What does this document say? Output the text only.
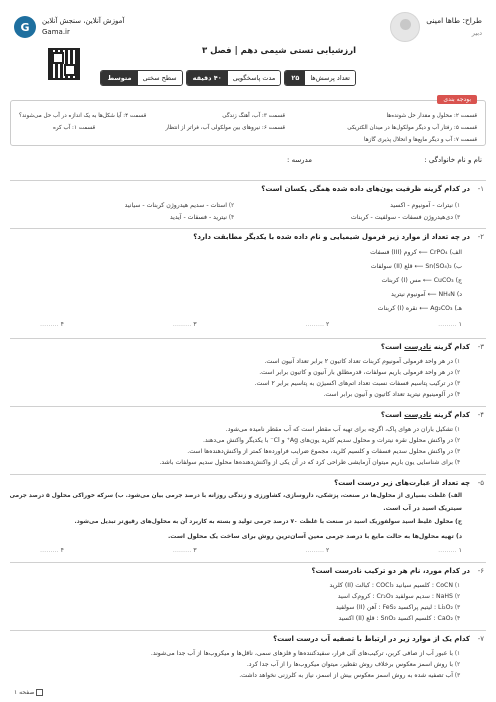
طراح: طاها امینی
دبیر
G	آموزش آنلاین، سنجش آنلاین
Gama.ir
ارزشیابی تستی شیمی دهم | فصل ۳
تعداد پرسش‌ها
۲۵
مدت پاسخگویی
۴۰ دقیقه
سطح سختی
متوسط
بودجه بندی
قسمت ۲: محلول و مقدار حل شونده‌ها
قسمت ۳: آب، آهنگ زندگی
قسمت ۴: آیا شکل‌ها به یک اندازه در آب حل می‌شوند؟
قسمت ۵: رفتار آب و دیگر مولکول‌ها در میدان الکتریکی
قسمت ۶: نیروهای بین مولکولی آب، فراتر از انتظار
قسمت ۱: آب کره
قسمت ۷: آب و دیگر مایع‌ها و انحلال پذیری گازها
نام و نام خانوادگی :
مدرسه :
۱-
در کدام گزینه ظرفیت یون‌های داده شده همگی یکسان است؟
۱)نیترات - آمونیوم - اکسید
۲)استات - سدیم هیدروژن کربنات - سیانید
۳)دی‌هیدروژن فسفات - سولفیت - کربنات
۴)نیترید - فسفات - آیدید
۲-
در چه تعداد از موارد زیر فرمول شیمیایی و نام داده شده با یکدیگر مطابقت دارد؟
الف) CrPO₄ ⟵ کروم (III) فسفات
ب) Sn(SO₄)₂ ⟵ قلع (II) سولفات
ج) CuCO₃ ⟵ مس (I) کربنات
د) NH₄N ⟵ آمونیوم نیترید
هـ) Ag₂CO₃ ⟵ نقره (I) کربنات
۱ ………
۲ ………
۳ ………
۴ ………
۳-
کدام گزینه نادرست است؟
۱)در هر واحد فرمولی آمونیوم کربنات تعداد کاتیون ۲ برابر تعداد آنیون است.
۲)در هر واحد فرمولی باریم سولفات، قدرمطلق بار آنیون و کاتیون برابر است.
۳)در ترکیب پتاسیم فسفات نسبت تعداد اتم‌های اکسیژن به پتاسیم برابر ۲ است.
۴)در آلومینیوم نیترید تعداد کاتیون و آنیون برابر است.
۴-
کدام گزینه نادرست است؟
۱)تشکیل باران در هوای پاک، اگرچه برای تهیه آب مقطر است که آب مقطر نامیده می‌شود.
۲)در واکنش محلول نقره نیترات و محلول سدیم کلرید یون‌های Ag⁺ و Cl⁻ با یکدیگر واکنش می‌دهند.
۳)در واکنش محلول سدیم فسفات و کلسیم کلرید، مجموع ضرایب فراورده‌ها کمتر از واکنش‌دهنده‌ها است.
۴)برای شناسایی یون باریم میتوان آزمایشی طراحی کرد که در آن یکی از واکنش‌دهنده‌ها محلول سدیم سولفات باشد.
۵-
چه تعداد از عبارت‌های زیر درست است؟
الف) غلظت بسیاری از محلول‌ها در صنعت، پزشکی، داروسازی، کشاورزی و زندگی روزانه با درصد جرمی بیان می‌شود. ب) سرکه خوراکی محلول ۵ درصد جرمی
سیتریک اسید در آب است.
ج) محلول غلیظ اسید سولفوریک اسید در صنعت با غلظت ۷۰ درصد جرمی تولید و بسته به کاربرد آن به محلول‌های رقیق‌تر تبدیل می‌شود.
د) تهیه محلول‌ها به حالت مایع با درصد جرمی معین آسان‌ترین روش برای ساخت یک محلول است.
۱ ………
۲ ………
۳ ………
۴ ………
۶-
در کدام مورد، نام هر دو ترکیب نادرست است؟
۱)CoCN : کلسیم سیانید COCl₂ : کبالت (II) کلرید
۲)NaHS : سدیم سولفید Cr₂O₃ : کروم‌ک اسید
۳)Li₂O₂ : لیتیم پراکسید FeS₂ : آهن (II) سولفید
۴)CaO₂ : کلسیم اکسید SnO₂ : قلع (II) اکسید
۷-
کدام یک از موارد زیر در ارتباط با تصفیه آب درست است؟
۱)با عبور آب از صافی کربن، ترکیب‌های آلی فرار، سفیدکننده‌ها و فلزهای سمی، ناقل‌ها و میکروب‌ها از آب جدا می‌شوند.
۲)با روش اسمز معکوس برخلاف روش تقطیر، میتوان میکروب‌ها را از آب جدا کرد.
۳)آب تصفیه شده به روش اسمز معکوس بیش از اسمز، نیاز به کلرزنی نخواهد داشت.
صفحه ۱
